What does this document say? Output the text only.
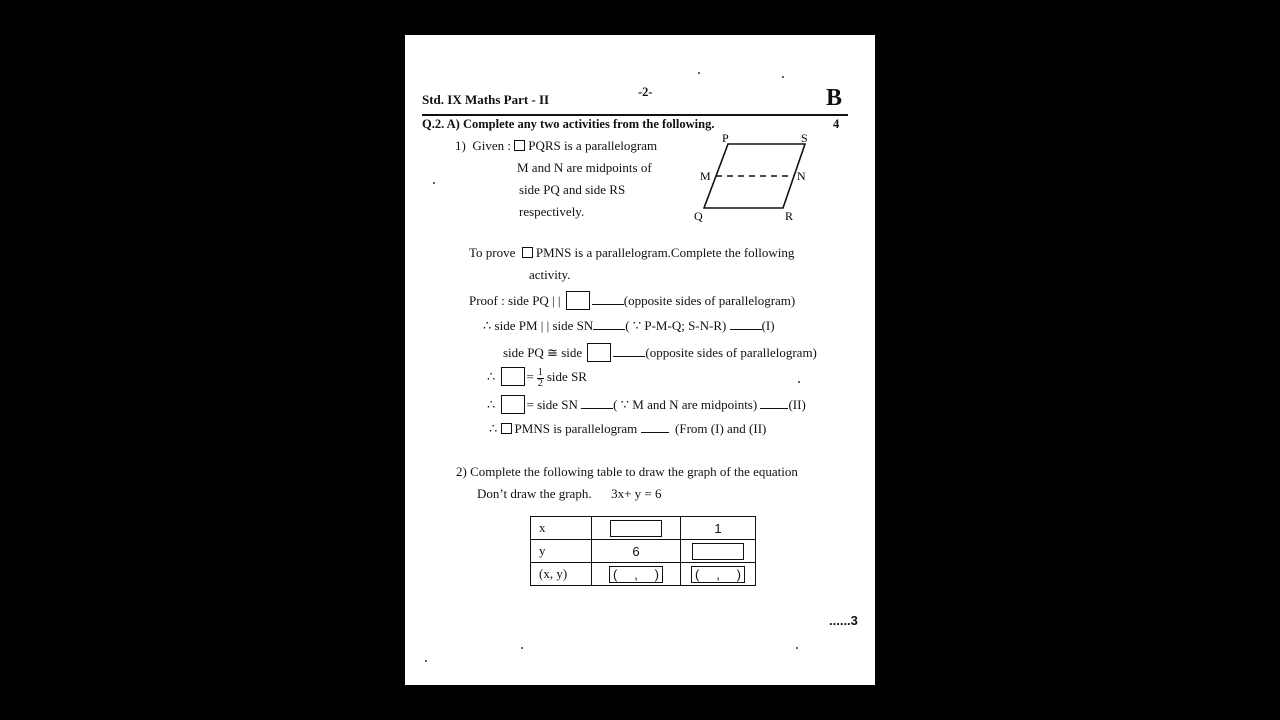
Std. IX Maths Part - II	-2-	B
Q.2. A) Complete any two activities from the following.	4
1) Given : PQRS is a parallelogram
M and N are midpoints of
side PQ and side RS
respectively.
P	S
M	N
Q	R
To prove PMNS is a parallelogram.Complete the following
activity.
Proof : side PQ | |	(opposite sides of parallelogram)
∴ side PM | | side SN ( ∵ P-M-Q; S-N-R)	(I)
side PQ ≅ side	(opposite sides of parallelogram)
∴ = $\frac{1}{2}$ side SR
∴ = side SN	( ∵ M and N are midpoints) (II)
∴ PMNS is parallelogram	(From (I) and (II)
2) Complete the following table to draw the graph of the equation
Don’t draw the graph. 3x+ y = 6
x		1
y	6	
(x, y)	( , )	( , )
......3
